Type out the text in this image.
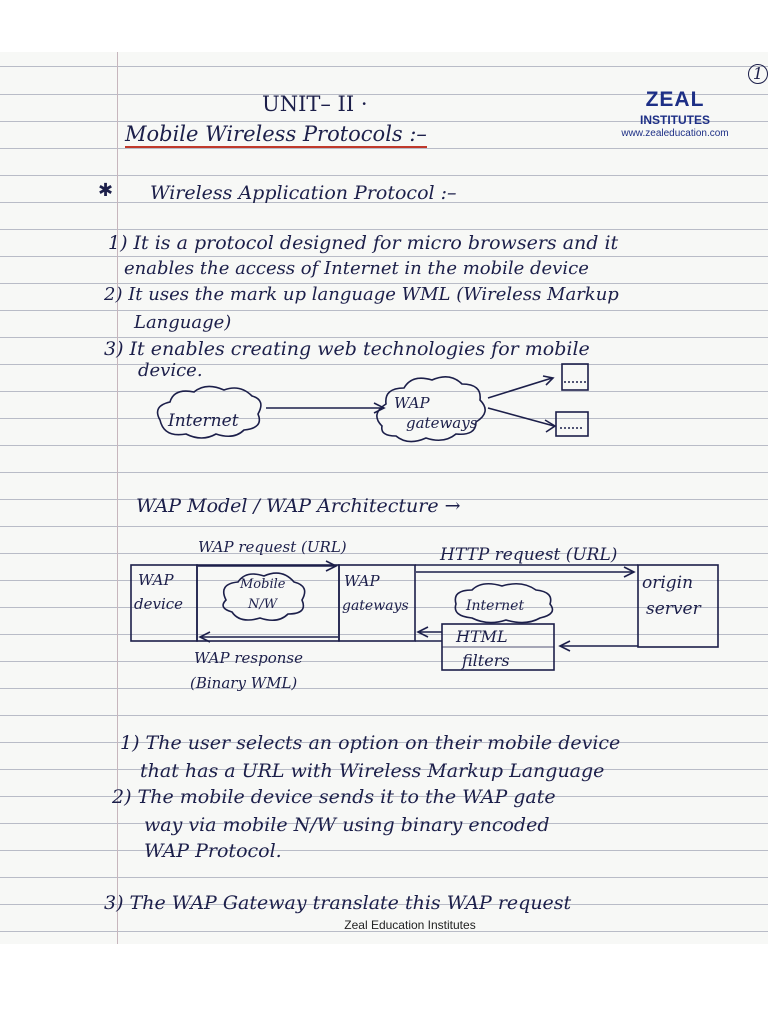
ZEAL
INSTITUTES
www.zealeducation.com
1
UNIT– II ·
Mobile Wireless Protocols :–
✱ Wireless Application Protocol :–
1) It is a protocol designed for micro browsers and it
enables the access of Internet in the mobile device
2) It uses the mark up language WML (Wireless Markup
Language)
3) It enables creating web technologies for mobile
device.
Internet
WAP
gateways
WAP Model / WAP Architecture →
WAP request (URL)	HTTP request (URL)
WAP
device
Mobile
N/W
WAP
gateways	Internet
origin
server
HTML
filters
WAP response
(Binary WML)
1) The user selects an option on their mobile device
that has a URL with Wireless Markup Language
2) The mobile device sends it to the WAP gate
way via mobile N/W using binary encoded
WAP Protocol.
3) The WAP Gateway translate this WAP request
Zeal Education Institutes
